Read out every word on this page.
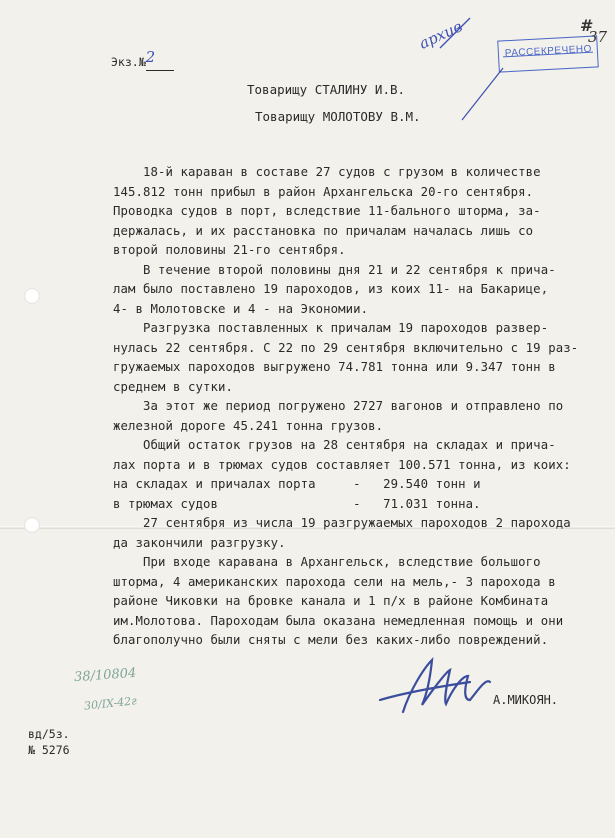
Экз.№2	РАССЕКРЕЧЕНО
#
37
архив
Товарищу СТАЛИНУ И.В.
Товарищу МОЛОТОВУ В.М.
18-й караван в составе 27 судов с грузом в количестве
145.812 тонн прибыл в район Архангельска 20-го сентября.
Проводка судов в порт, вследствие 11-бального шторма, за-
держалась, и их расстановка по причалам началась лишь со
второй половины 21-го сентября.
В течение второй половины дня 21 и 22 сентября к прича-
лам было поставлено 19 пароходов, из коих 11- на Бакарице,
4- в Молотовске и 4 - на Экономии.
Разгрузка поставленных к причалам 19 пароходов развер-
нулась 22 сентября. С 22 по 29 сентября включительно с 19 раз-
гружаемых пароходов выгружено 74.781 тонна или 9.347 тонн в
среднем в сутки.
За этот же период погружено 2727 вагонов и отправлено по
железной дороге 45.241 тонна грузов.
Общий остаток грузов на 28 сентября на складах и прича-
лах порта и в трюмах судов составляет 100.571 тонна, из коих:
на складах и причалах порта     -   29.540 тонн и
в трюмах судов                  -   71.031 тонна.
27 сентября из числа 19 разгружаемых пароходов 2 пароходa
да закончили разгрузку.
При входе каравана в Архангельск, вследствие большого
шторма, 4 американских парохода сели на мель,- 3 парохода в
районе Чиковки на бровке канала и 1 п/х в районе Комбината
им.Молотова. Пароходам была оказана немедленная помощь и они
благополучно были сняты с мели без каких-либо повреждений.
А.МИКОЯН.
вд/5з.
№ 5276
38/10804
30/IX-42г
